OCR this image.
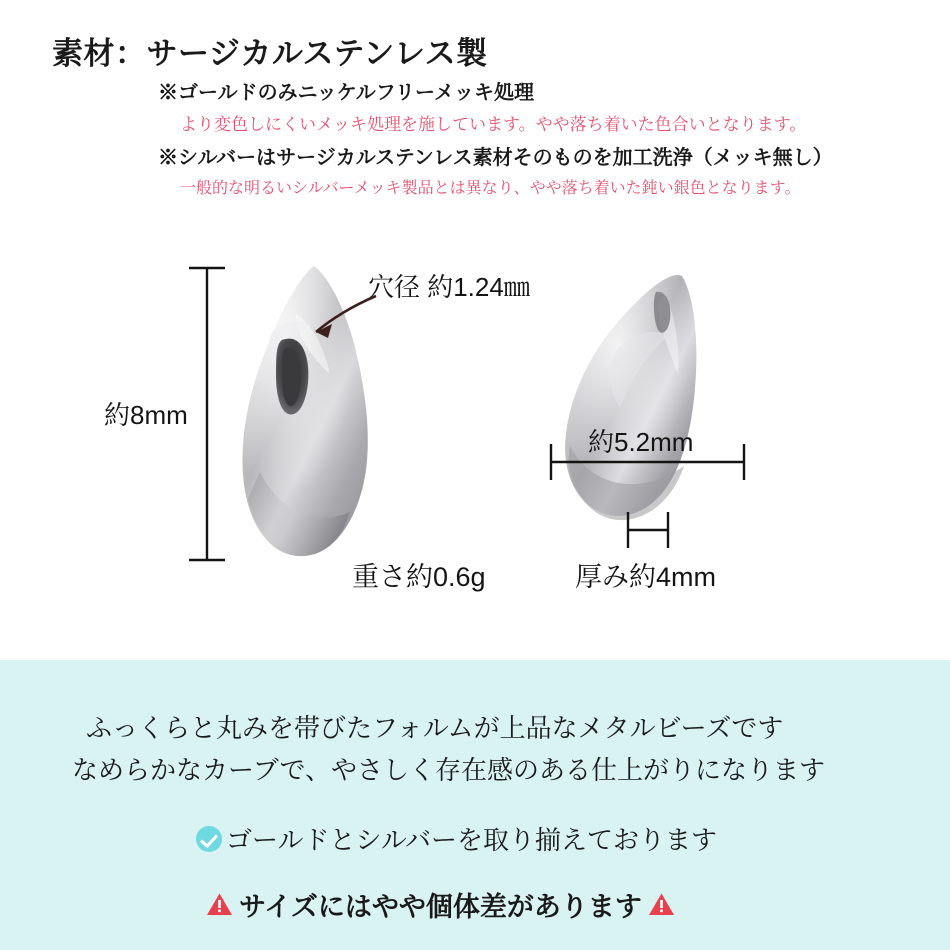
素材：サージカルステンレス製
※ゴールドのみニッケルフリーメッキ処理
より変色しにくいメッキ処理を施しています。やや落ち着いた色合いとなります。
※シルバーはサージカルステンレス素材そのものを加工洗浄（メッキ無し）
一般的な明るいシルバーメッキ製品とは異なり、やや落ち着いた鈍い銀色となります。
約8mm
穴径 約1.24㎜
重さ約0.6g
約5.2mm
厚み約4mm
ふっくらと丸みを帯びたフォルムが上品なメタルビーズです
なめらかなカーブで、やさしく存在感のある仕上がりになります
ゴールドとシルバーを取り揃えております
サイズにはやや個体差があります
